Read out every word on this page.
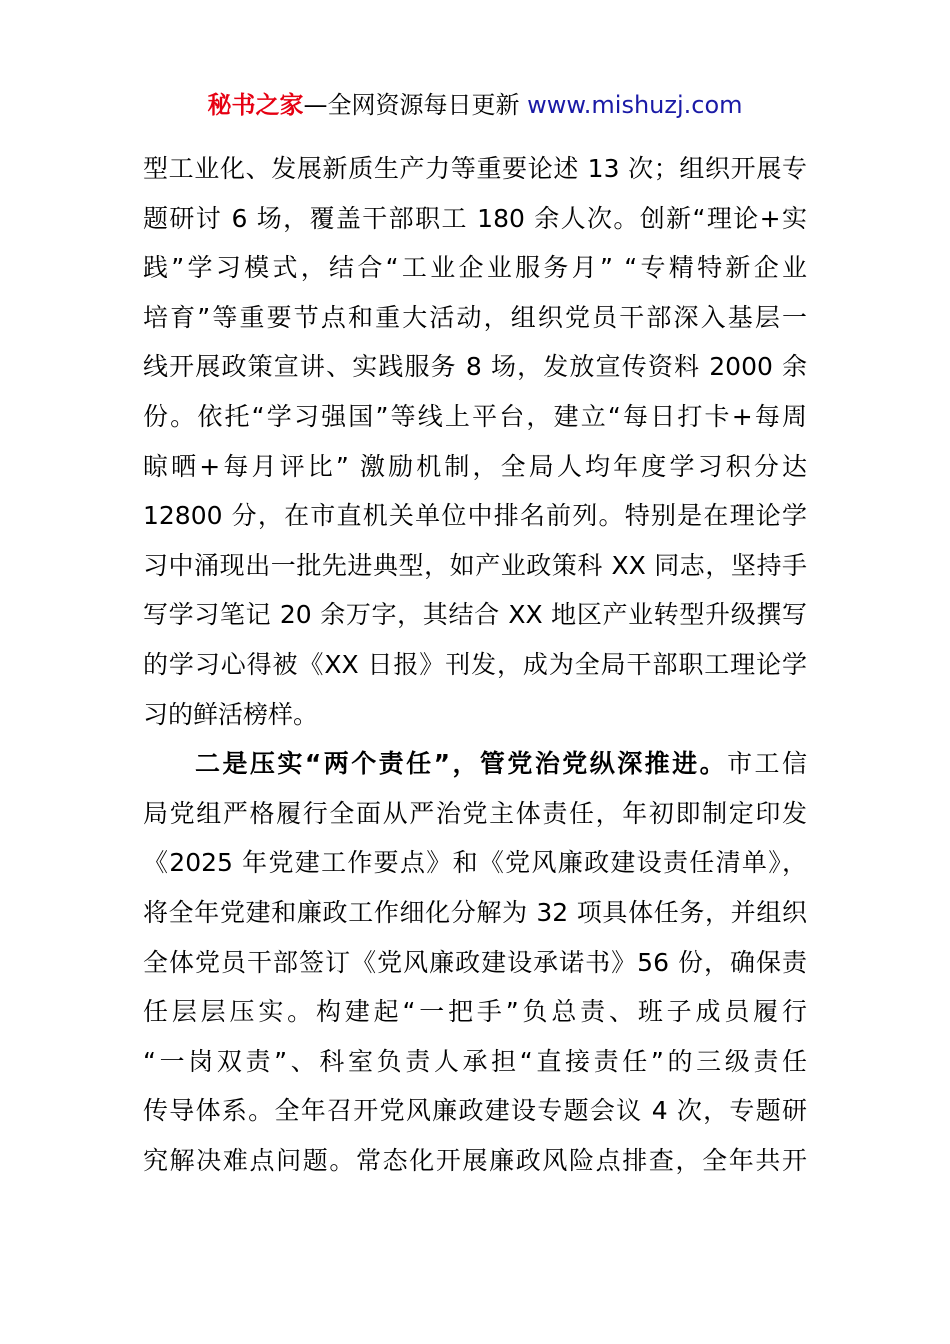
秘书之家—全网资源每日更新 www.mishuzj.com
型工业化、发展新质生产力等重要论述 13 次；组织开展专
题研讨 6 场，覆盖干部职工 180 余人次。创新“理论+实
践”学习模式，结合“工业企业服务月” “专精特新企业
培育”等重要节点和重大活动，组织党员干部深入基层一
线开展政策宣讲、实践服务 8 场，发放宣传资料 2000 余
份。依托“学习强国”等线上平台，建立“每日打卡+每周
晾晒+每月评比” 激励机制，全局人均年度学习积分达
12800 分，在市直机关单位中排名前列。特别是在理论学
习中涌现出一批先进典型，如产业政策科 XX 同志，坚持手
写学习笔记 20 余万字，其结合 XX 地区产业转型升级撰写
的学习心得被《XX 日报》刊发，成为全局干部职工理论学
习的鲜活榜样。
二是压实“两个责任”，管党治党纵深推进。市工信
局党组严格履行全面从严治党主体责任，年初即制定印发
《2025 年党建工作要点》和《党风廉政建设责任清单》，
将全年党建和廉政工作细化分解为 32 项具体任务，并组织
全体党员干部签订《党风廉政建设承诺书》56 份，确保责
任层层压实。构建起“一把手”负总责、班子成员履行
“一岗双责”、科室负责人承担“直接责任”的三级责任
传导体系。全年召开党风廉政建设专题会议 4 次，专题研
究解决难点问题。常态化开展廉政风险点排查，全年共开
